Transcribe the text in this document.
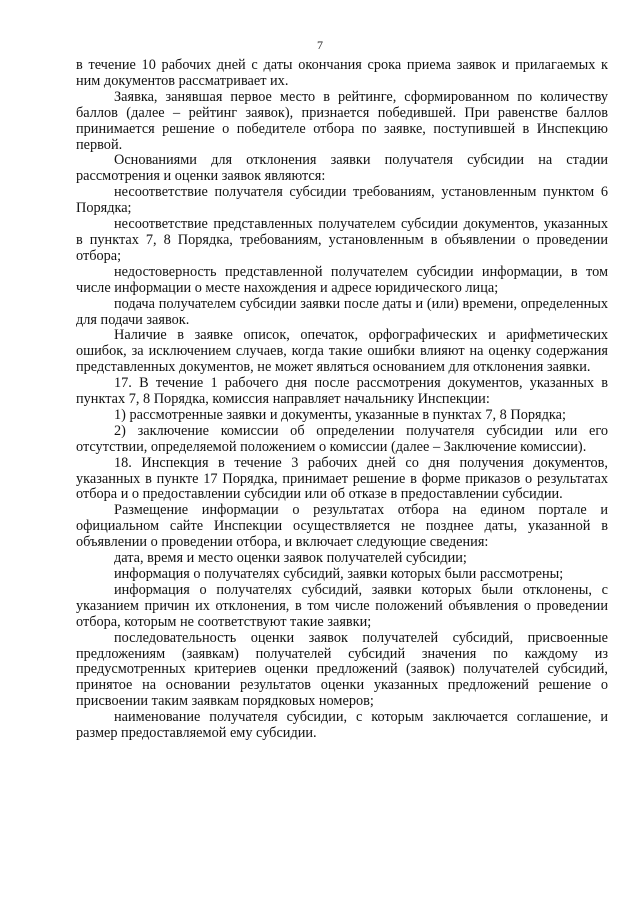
7

в течение 10 рабочих дней с даты окончания срока приема заявок и прилагаемых к ним документов рассматривает их.

Заявка, занявшая первое место в рейтинге, сформированном по количеству баллов (далее – рейтинг заявок), признается победившей. При равенстве баллов принимается решение о победителе отбора по заявке, поступившей в Инспекцию первой.

Основаниями для отклонения заявки получателя субсидии на стадии рассмотрения и оценки заявок являются:

несоответствие получателя субсидии требованиям, установленным пунктом 6 Порядка;

несоответствие представленных получателем субсидии документов, указанных в пунктах 7, 8 Порядка, требованиям, установленным в объявлении о проведении отбора;

недостоверность представленной получателем субсидии информации, в том числе информации о месте нахождения и адресе юридического лица;

подача получателем субсидии заявки после даты и (или) времени, определенных для подачи заявок.

Наличие в заявке описок, опечаток, орфографических и арифметических ошибок, за исключением случаев, когда такие ошибки влияют на оценку содержания представленных документов, не может являться основанием для отклонения заявки.

17. В течение 1 рабочего дня после рассмотрения документов, указанных в пунктах 7, 8 Порядка, комиссия направляет начальнику Инспекции:

1) рассмотренные заявки и документы, указанные в пунктах 7, 8 Порядка;

2) заключение комиссии об определении получателя субсидии или его отсутствии, определяемой положением о комиссии (далее – Заключение комиссии).

18. Инспекция в течение 3 рабочих дней со дня получения документов, указанных в пункте 17 Порядка, принимает решение в форме приказов о результатах отбора и о предоставлении субсидии или об отказе в предоставлении субсидии.

Размещение информации о результатах отбора на едином портале и официальном сайте Инспекции осуществляется не позднее даты, указанной в объявлении о проведении отбора, и включает следующие сведения:

дата, время и место оценки заявок получателей субсидии;

информация о получателях субсидий, заявки которых были рассмотрены;

информация о получателях субсидий, заявки которых были отклонены, с указанием причин их отклонения, в том числе положений объявления о проведении отбора, которым не соответствуют такие заявки;

последовательность оценки заявок получателей субсидий, присвоенные предложениям (заявкам) получателей субсидий значения по каждому из предусмотренных критериев оценки предложений (заявок) получателей субсидий, принятое на основании результатов оценки указанных предложений решение о присвоении таким заявкам порядковых номеров;

наименование получателя субсидии, с которым заключается соглашение, и размер предоставляемой ему субсидии.
